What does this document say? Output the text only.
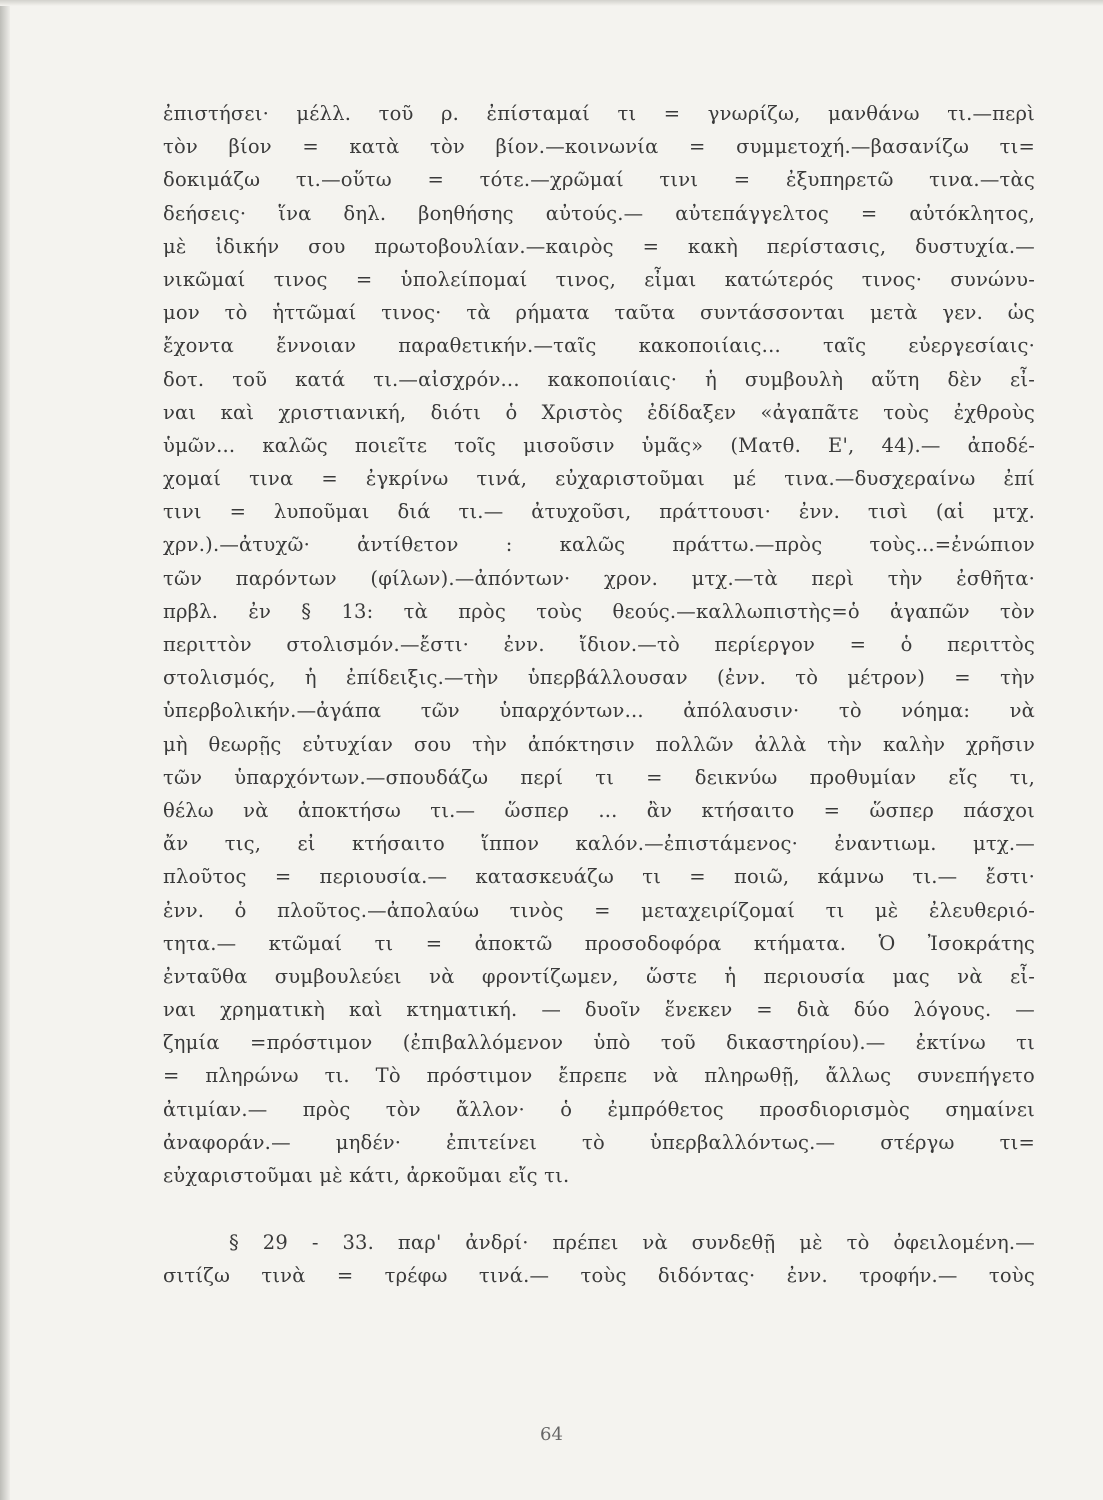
ἐπιστήσει· μέλλ. τοῦ ρ. ἐπίσταμαί τι = γνωρίζω, μανθάνω τι.—περὶ
τὸν βίον = κατὰ τὸν βίον.—κοινωνία = συμμετοχή.—βασανίζω τι=
δοκιμάζω τι.—οὕτω = τότε.—χρῶμαί τινι = ἐξυπηρετῶ τινα.—τὰς
δεήσεις· ἵνα δηλ. βοηθήσης αὐτούς.— αὐτεπάγγελτος = αὐτόκλητος,
μὲ ἰδικήν σου πρωτοβουλίαν.—καιρὸς = κακὴ περίστασις, δυστυχία.—
νικῶμαί τινος = ὑπολείπομαί τινος, εἶμαι κατώτερός τινος· συνώνυ-
μον τὸ ἡττῶμαί τινος· τὰ ρήματα ταῦτα συντάσσονται μετὰ γεν. ὡς
ἔχοντα ἔννοιαν παραθετικήν.—ταῖς κακοποιίαις... ταῖς εὐεργεσίαις·
δοτ. τοῦ κατά τι.—αἰσχρόν... κακοποιίαις· ἡ συμβουλὴ αὕτη δὲν εἶ-
ναι καὶ χριστιανική, διότι ὁ Χριστὸς ἐδίδαξεν «ἀγαπᾶτε τοὺς ἐχθροὺς
ὑμῶν... καλῶς ποιεῖτε τοῖς μισοῦσιν ὑμᾶς» (Ματθ. Ε', 44).— ἀποδέ-
χομαί τινα = ἐγκρίνω τινά, εὐχαριστοῦμαι μέ τινα.—δυσχεραίνω ἐπί
τινι = λυποῦμαι διά τι.— ἀτυχοῦσι, πράττουσι· ἐνν. τισὶ (αἱ μτχ.
χρν.).—ἀτυχῶ· ἀντίθετον : καλῶς πράττω.—πρὸς τοὺς...=ἐνώπιον
τῶν παρόντων (φίλων).—ἀπόντων· χρον. μτχ.—τὰ περὶ τὴν ἐσθῆτα·
πρβλ. ἐν § 13: τὰ πρὸς τοὺς θεούς.—καλλωπιστὴς=ὁ ἀγαπῶν τὸν
περιττὸν στολισμόν.—ἔστι· ἐνν. ἴδιον.—τὸ περίεργον = ὁ περιττὸς
στολισμός, ἡ ἐπίδειξις.—τὴν ὑπερβάλλουσαν (ἐνν. τὸ μέτρον) = τὴν
ὑπερβολικήν.—ἀγάπα τῶν ὑπαρχόντων... ἀπόλαυσιν· τὸ νόημα: νὰ
μὴ θεωρῇς εὐτυχίαν σου τὴν ἀπόκτησιν πολλῶν ἀλλὰ τὴν καλὴν χρῆσιν
τῶν ὑπαρχόντων.—σπουδάζω περί τι = δεικνύω προθυμίαν εἴς τι,
θέλω νὰ ἀποκτήσω τι.— ὥσπερ ... ἂν κτήσαιτο = ὥσπερ πάσχοι
ἄν τις, εἰ κτήσαιτο ἵππον καλόν.—ἐπιστάμενος· ἐναντιωμ. μτχ.—
πλοῦτος = περιουσία.— κατασκευάζω τι = ποιῶ, κάμνω τι.— ἔστι·
ἐνν. ὁ πλοῦτος.—ἀπολαύω τινὸς = μεταχειρίζομαί τι μὲ ἐλευθεριό-
τητα.— κτῶμαί τι = ἀποκτῶ προσοδοφόρα κτήματα. Ὁ Ἰσοκράτης
ἐνταῦθα συμβουλεύει νὰ φροντίζωμεν, ὥστε ἡ περιουσία μας νὰ εἶ-
ναι χρηματικὴ καὶ κτηματική. — δυοῖν ἕνεκεν = διὰ δύο λόγους. —
ζημία =πρόστιμον (ἐπιβαλλόμενον ὑπὸ τοῦ δικαστηρίου).— ἐκτίνω τι
= πληρώνω τι. Τὸ πρόστιμον ἔπρεπε νὰ πληρωθῇ, ἄλλως συνεπήγετο
ἀτιμίαν.— πρὸς τὸν ἄλλον· ὁ ἐμπρόθετος προσδιορισμὸς σημαίνει
ἀναφοράν.— μηδέν· ἐπιτείνει τὸ ὑπερβαλλόντως.— στέργω τι=
εὐχαριστοῦμαι μὲ κάτι, ἀρκοῦμαι εἴς τι.
§ 29 - 33. παρ' ἀνδρί· πρέπει νὰ συνδεθῇ μὲ τὸ ὀφειλομένη.—
σιτίζω τινὰ = τρέφω τινά.— τοὺς διδόντας· ἐνν. τροφήν.— τοὺς
64
